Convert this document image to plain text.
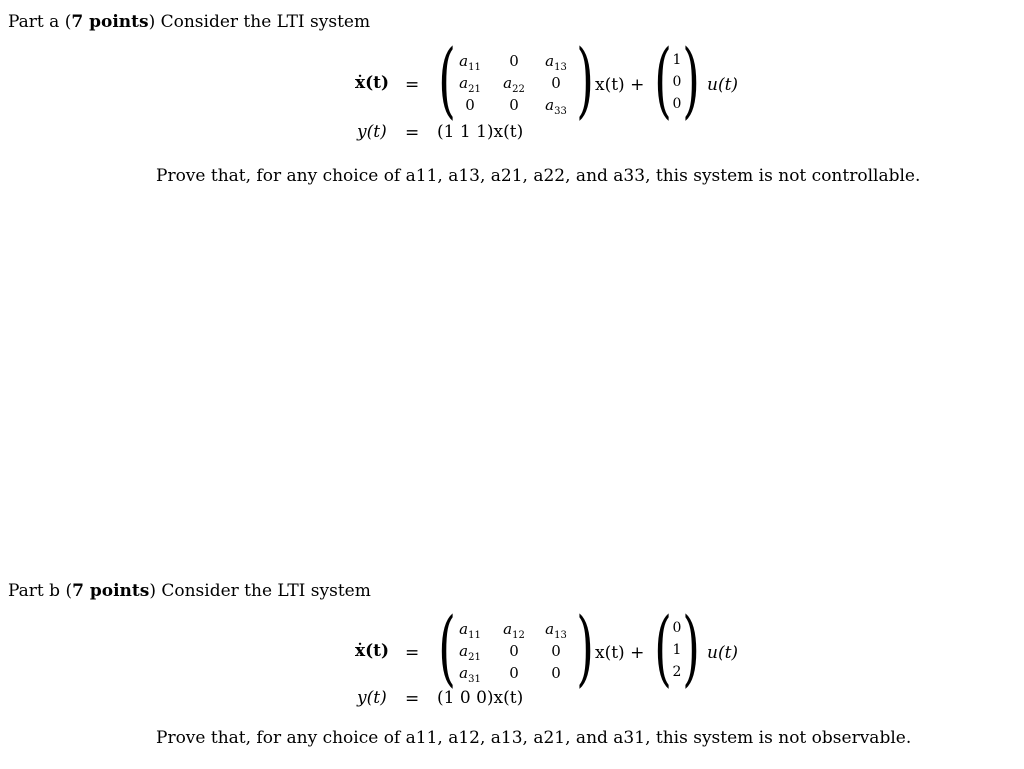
Part a (7 points) Consider the LTI system
ẋ(t) = ( )
$a_{11}$	0	$a_{13}$
$a_{21}$	$a_{22}$	0
0	0	$a_{33}$
x(t) + ( )
1
0
0
u(t)
y(t) = (1 1 1)x(t)
Prove that, for any choice of a11, a13, a21, a22, and a33, this system is not controllable.
Part b (7 points) Consider the LTI system
ẋ(t) = ( )
$a_{11}$	$a_{12}$	$a_{13}$
$a_{21}$	0	0
$a_{31}$	0	0
x(t) + ( )
0
1
2
u(t)
y(t) = (1 0 0)x(t)
Prove that, for any choice of a11, a12, a13, a21, and a31, this system is not observable.
